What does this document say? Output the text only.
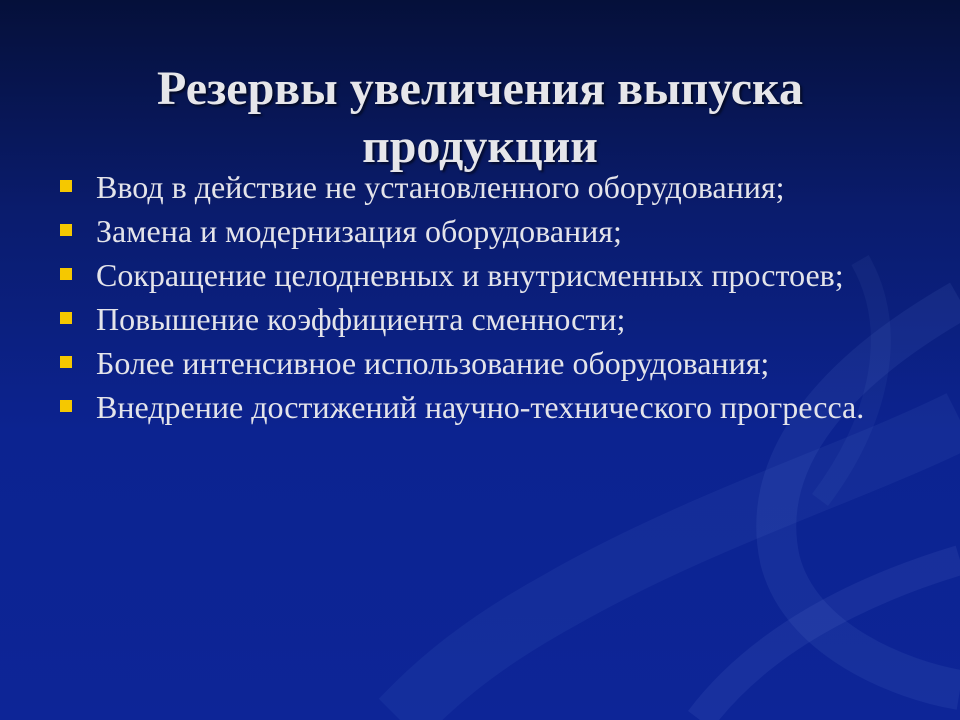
Резервы увеличения выпуска продукции
Ввод в действие не установленного оборудования;
Замена и модернизация оборудования;
Сокращение целодневных и внутрисменных простоев;
Повышение коэффициента сменности;
Более интенсивное использование оборудования;
Внедрение достижений научно-технического прогресса.
